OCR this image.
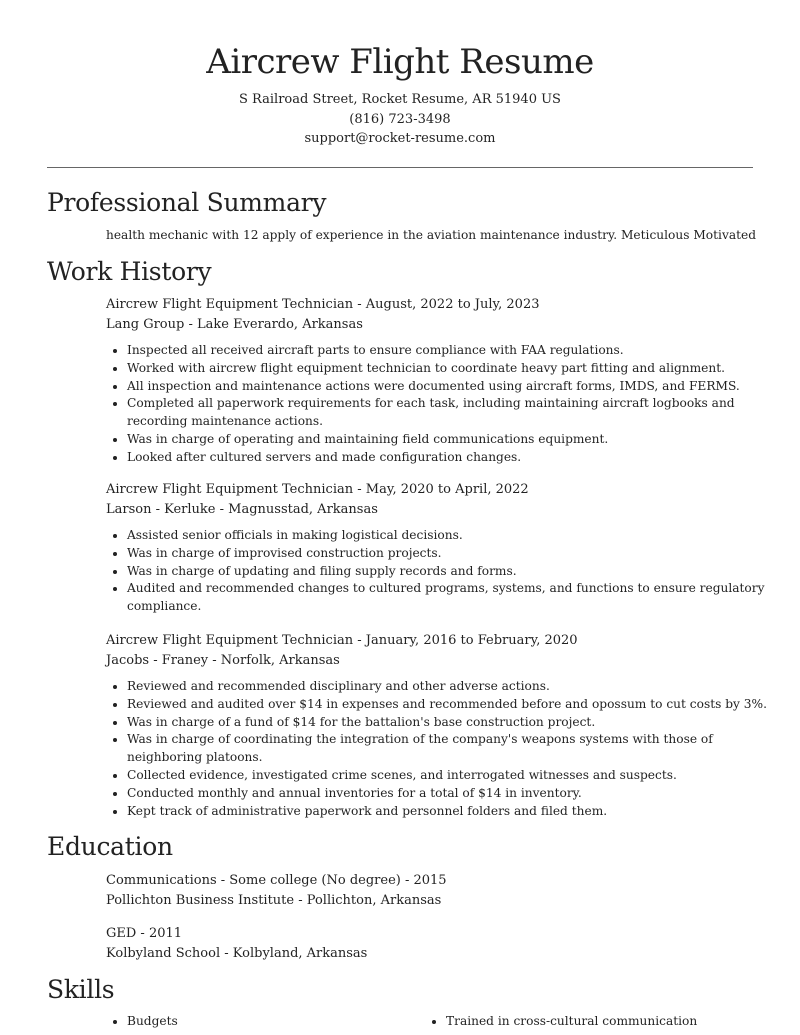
Aircrew Flight Resume
S Railroad Street, Rocket Resume, AR 51940 US
(816) 723-3498
support@rocket-resume.com
Professional Summary
health mechanic with 12 apply of experience in the aviation maintenance industry. Meticulous Motivated
Work History
Aircrew Flight Equipment Technician - August, 2022 to July, 2023
Lang Group - Lake Everardo, Arkansas
• Inspected all received aircraft parts to ensure compliance with FAA regulations.
• Worked with aircrew flight equipment technician to coordinate heavy part fitting and alignment.
• All inspection and maintenance actions were documented using aircraft forms, IMDS, and FERMS.
• Completed all paperwork requirements for each task, including maintaining aircraft logbooks and recording maintenance actions.
• Was in charge of operating and maintaining field communications equipment.
• Looked after cultured servers and made configuration changes.
Aircrew Flight Equipment Technician - May, 2020 to April, 2022
Larson - Kerluke - Magnusstad, Arkansas
• Assisted senior officials in making logistical decisions.
• Was in charge of improvised construction projects.
• Was in charge of updating and filing supply records and forms.
• Audited and recommended changes to cultured programs, systems, and functions to ensure regulatory compliance.
Aircrew Flight Equipment Technician - January, 2016 to February, 2020
Jacobs - Franey - Norfolk, Arkansas
• Reviewed and recommended disciplinary and other adverse actions.
• Reviewed and audited over $14 in expenses and recommended before and opossum to cut costs by 3%.
• Was in charge of a fund of $14 for the battalion's base construction project.
• Was in charge of coordinating the integration of the company's weapons systems with those of neighboring platoons.
• Collected evidence, investigated crime scenes, and interrogated witnesses and suspects.
• Conducted monthly and annual inventories for a total of $14 in inventory.
• Kept track of administrative paperwork and personnel folders and filed them.
Education
Communications - Some college (No degree) - 2015
Pollichton Business Institute - Pollichton, Arkansas
GED - 2011
Kolbyland School - Kolbyland, Arkansas
Skills
• Budgets	• Trained in cross-cultural communication
